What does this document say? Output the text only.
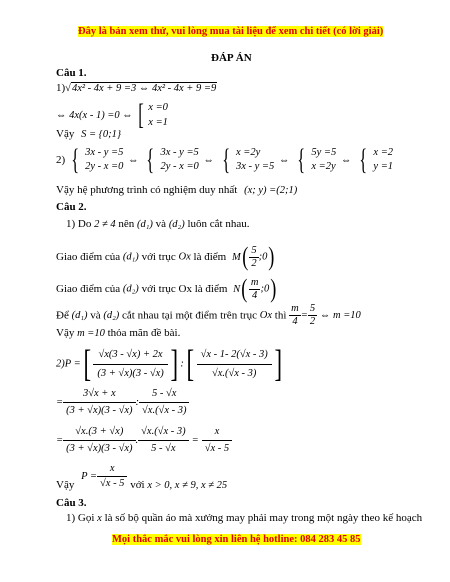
Đây là bản xem thử, vui lòng mua tài liệu để xem chi tiết (có lời giải)
ĐÁP ÁN
Câu 1.
1)√4x² - 4x + 9 =3 ⇔ 4x² - 4x + 9 =9
⇔ 4x(x - 1) =0 ⇔ [ x =0
x =1
Vậy S = {0;1}
2) { 3x - y =5
2y - x =0
⇔ { 3x - y =5
2y - x =0
⇔ { x =2y
3x - y =5
⇔ { 5y =5
x =2y
⇔ { x =2
y =1
Vậy hệ phương trình có nghiệm duy nhất (x; y) =(2;1)
Câu 2.
1) Do 2 ≠ 4 nên (d₁) và (d₂) luôn cắt nhau.
Giao điểm của (d₁) với trục Ox là điểm $M( \frac{5}{2}$ ;0)
Giao điểm của (d₂) với trục Ox là điểm $N( \frac{m}{4}$ ;0)
Để (d₁) và (d₂) cắt nhau tại một điểm trên trục Ox thì $\frac{m}{4} = \frac{5}{2}$ ⇔ m =10
Vậy m =10 thỏa mãn đề bài.
2)P =[ $\frac{√x(3 - √x) + 2x}{(3 + √x)(3 - √x)}$ ] :[ $\frac{√x - 1- 2(√x - 3)}{√x.(√x - 3)}$ ]
= $\frac{3√x + x}{(3 + √x)(3 - √x)}$ : $\frac{5 - √x}{√x.(√x - 3)}$
= $\frac{√x.(3 + √x)}{(3 + √x)(3 - √x)}$ . $\frac{√x.(√x - 3)}{5 - √x} = \frac{x}{√x - 5}$
Vậy $P = \frac{x}{√x - 5}$ với x > 0, x ≠ 9, x ≠ 25
Câu 3.
1) Gọi x là số bộ quần áo mà xưởng may phải may trong một ngày theo kế hoạch
Mọi thắc mắc vui lòng xin liên hệ hotline: 084 283 45 85
